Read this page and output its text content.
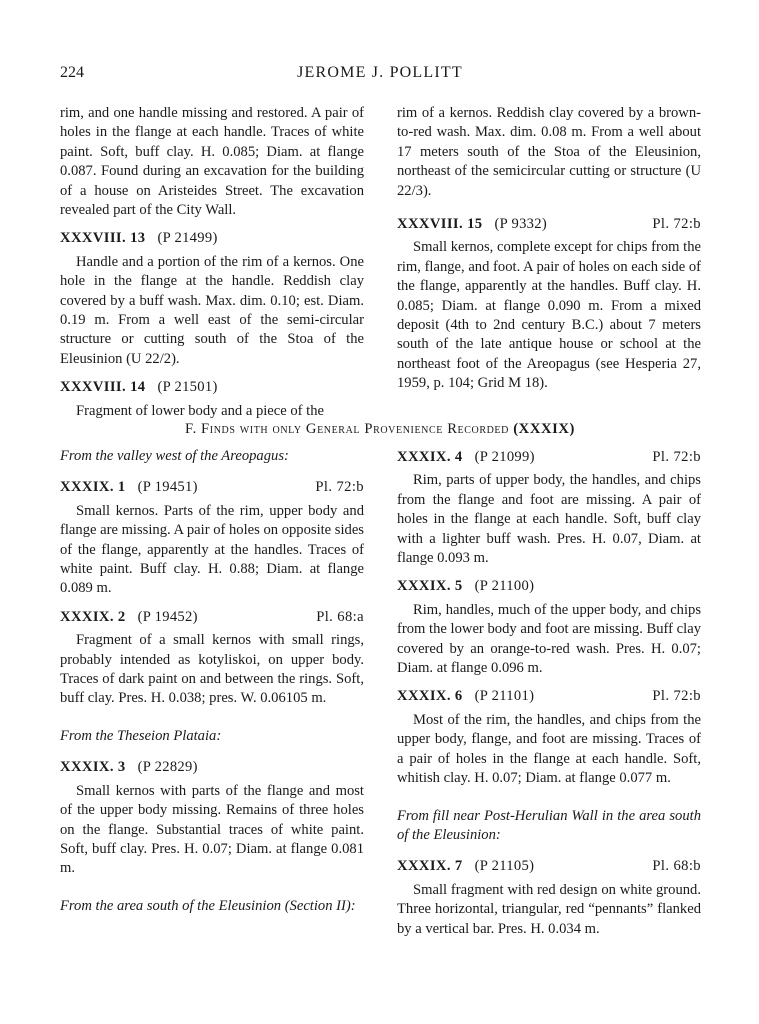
224	JEROME J. POLLITT

rim, and one handle missing and restored. A pair of holes in the flange at each handle. Traces of white paint. Soft, buff clay. H. 0.085; Diam. at flange 0.087. Found during an excavation for the building of a house on Aristeides Street. The excavation revealed part of the City Wall.

XXXVIII. 13 (P 21499)

Handle and a portion of the rim of a kernos. One hole in the flange at the handle. Reddish clay covered by a buff wash. Max. dim. 0.10; est. Diam. 0.19 m. From a well east of the semi-circular structure or cutting south of the Stoa of the Eleusinion (U 22/2).

XXXVIII. 14 (P 21501)

Fragment of lower body and a piece of the

rim of a kernos. Reddish clay covered by a brown-to-red wash. Max. dim. 0.08 m. From a well about 17 meters south of the Stoa of the Eleusinion, northeast of the semicircular cutting or structure (U 22/3).

XXXVIII. 15 (P 9332)	Pl. 72:b

Small kernos, complete except for chips from the rim, flange, and foot. A pair of holes on each side of the flange, apparently at the handles. Buff clay. H. 0.085; Diam. at flange 0.090 m. From a mixed deposit (4th to 2nd century B.C.) about 7 meters south of the late antique house or school at the northeast foot of the Areopagus (see Hesperia 27, 1959, p. 104; Grid M 18).

F. Finds with only General Provenience Recorded (XXXIX)

From the valley west of the Areopagus:

XXXIX. 1 (P 19451)	Pl. 72:b

Small kernos. Parts of the rim, upper body and flange are missing. A pair of holes on opposite sides of the flange, apparently at the handles. Traces of white paint. Buff clay. H. 0.88; Diam. at flange 0.089 m.

XXXIX. 2 (P 19452)	Pl. 68:a

Fragment of a small kernos with small rings, probably intended as kotyliskoi, on upper body. Traces of dark paint on and between the rings. Soft, buff clay. Pres. H. 0.038; pres. W. 0.06105 m.

From the Theseion Plataia:

XXXIX. 3 (P 22829)

Small kernos with parts of the flange and most of the upper body missing. Remains of three holes on the flange. Substantial traces of white paint. Soft, buff clay. Pres. H. 0.07; Diam. at flange 0.081 m.

From the area south of the Eleusinion (Section II):

XXXIX. 4 (P 21099)	Pl. 72:b

Rim, parts of upper body, the handles, and chips from the flange and foot are missing. A pair of holes in the flange at each handle. Soft, buff clay with a lighter buff wash. Pres. H. 0.07, Diam. at flange 0.093 m.

XXXIX. 5 (P 21100)

Rim, handles, much of the upper body, and chips from the lower body and foot are missing. Buff clay covered by an orange-to-red wash. Pres. H. 0.07; Diam. at flange 0.096 m.

XXXIX. 6 (P 21101)	Pl. 72:b

Most of the rim, the handles, and chips from the upper body, flange, and foot are missing. Traces of a pair of holes in the flange at each handle. Soft, whitish clay. H. 0.07; Diam. at flange 0.077 m.

From fill near Post-Herulian Wall in the area south of the Eleusinion:

XXXIX. 7 (P 21105)	Pl. 68:b

Small fragment with red design on white ground. Three horizontal, triangular, red “pennants” flanked by a vertical bar. Pres. H. 0.034 m.
